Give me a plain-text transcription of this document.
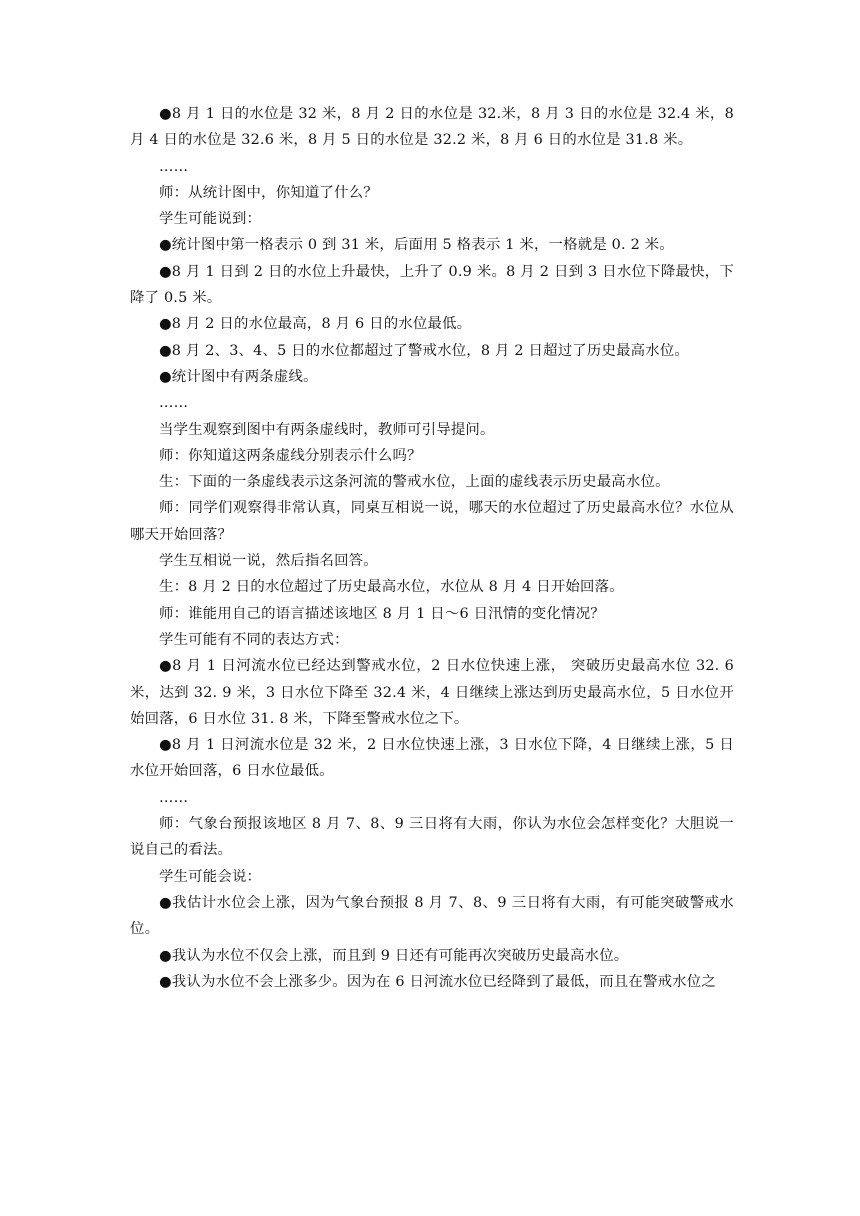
●8 月 1 日的水位是 32 米，8 月 2 日的水位是 32.米，8 月 3 日的水位是 32.4 米，8 月 4 日的水位是 32.6 米，8 月 5 日的水位是 32.2 米，8 月 6 日的水位是 31.8 米。

……

师：从统计图中，你知道了什么？

学生可能说到：

●统计图中第一格表示 0 到 31 米，后面用 5 格表示 1 米，一格就是 0. 2 米。

●8 月 1 日到 2 日的水位上升最快，上升了 0.9 米。8 月 2 日到 3 日水位下降最快，下降了 0.5 米。

●8 月 2 日的水位最高，8 月 6 日的水位最低。

●8 月 2、3、4、5 日的水位都超过了警戒水位，8 月 2 日超过了历史最高水位。

●统计图中有两条虚线。

……

当学生观察到图中有两条虚线时，教师可引导提问。

师：你知道这两条虚线分别表示什么吗？

生：下面的一条虚线表示这条河流的警戒水位，上面的虚线表示历史最高水位。

师：同学们观察得非常认真，同桌互相说一说，哪天的水位超过了历史最高水位？水位从哪天开始回落？

学生互相说一说，然后指名回答。

生：8 月 2 日的水位超过了历史最高水位，水位从 8 月 4 日开始回落。

师：谁能用自己的语言描述该地区 8 月 1 日～6 日汛情的变化情况？

学生可能有不同的表达方式：

●8 月 1 日河流水位已经达到警戒水位，2 日水位快速上涨， 突破历史最高水位 32. 6 米，达到 32. 9 米，3 日水位下降至 32.4 米，4 日继续上涨达到历史最高水位，5 日水位开始回落，6 日水位 31. 8 米，下降至警戒水位之下。

●8 月 1 日河流水位是 32 米，2 日水位快速上涨，3 日水位下降，4 日继续上涨，5 日水位开始回落，6 日水位最低。

……

师：气象台预报该地区 8 月 7、8、9 三日将有大雨，你认为水位会怎样变化？大胆说一说自己的看法。

学生可能会说：

●我估计水位会上涨，因为气象台预报 8 月 7、8、9 三日将有大雨，有可能突破警戒水位。

●我认为水位不仅会上涨，而且到 9 日还有可能再次突破历史最高水位。

●我认为水位不会上涨多少。因为在 6 日河流水位已经降到了最低，而且在警戒水位之
